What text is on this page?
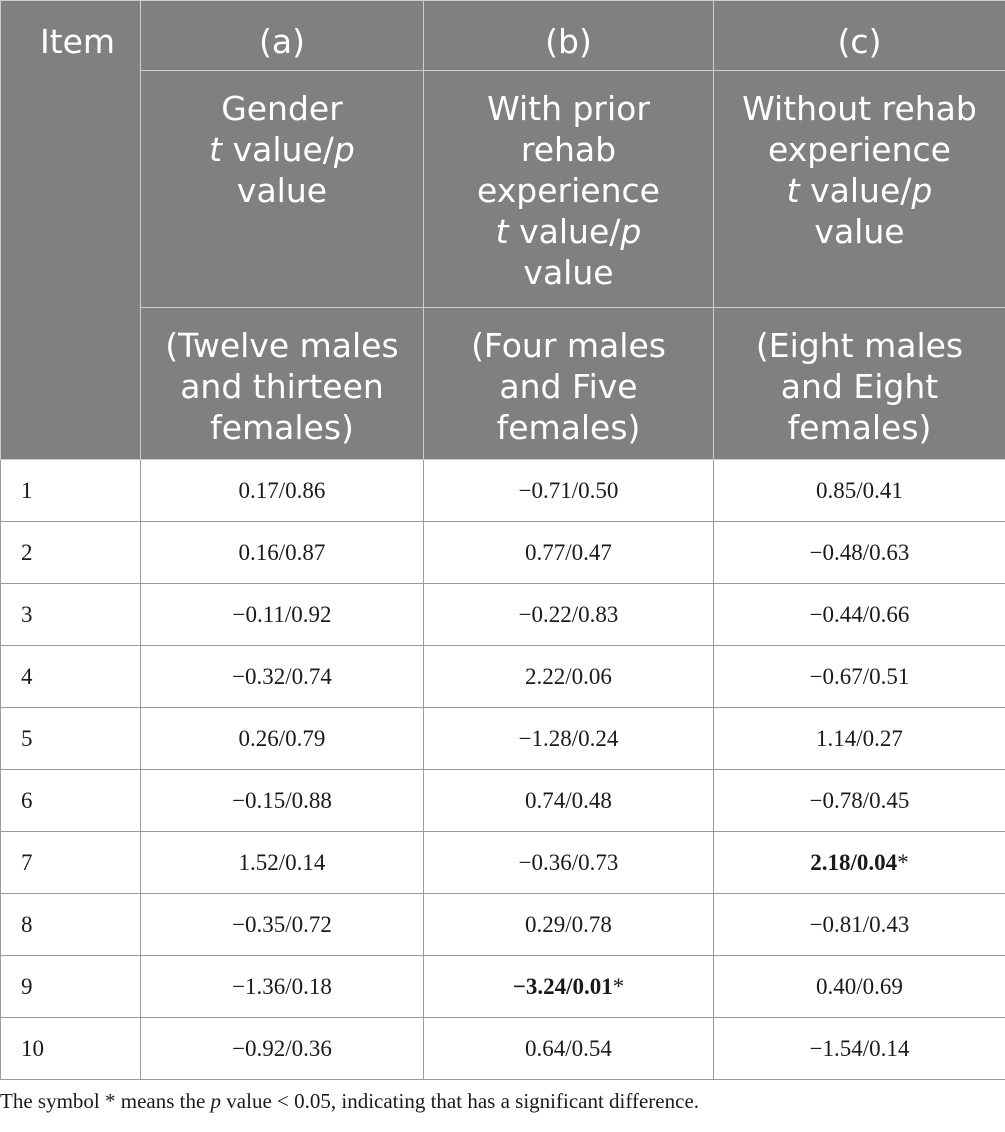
Item	(a)	(b)	(c)
	Gender
t value/p
value	With prior
rehab
experience
t value/p
value	Without rehab
experience
t value/p
value
	(Twelve males
and thirteen
females)	(Four males
and Five
females)	(Eight males
and Eight
females)
1	0.17/0.86	−0.71/0.50	0.85/0.41
2	0.16/0.87	0.77/0.47	−0.48/0.63
3	−0.11/0.92	−0.22/0.83	−0.44/0.66
4	−0.32/0.74	2.22/0.06	−0.67/0.51
5	0.26/0.79	−1.28/0.24	1.14/0.27
6	−0.15/0.88	0.74/0.48	−0.78/0.45
7	1.52/0.14	−0.36/0.73	2.18/0.04*
8	−0.35/0.72	0.29/0.78	−0.81/0.43
9	−1.36/0.18	−3.24/0.01*	0.40/0.69
10	−0.92/0.36	0.64/0.54	−1.54/0.14
The symbol * means the p value < 0.05, indicating that has a significant difference.
